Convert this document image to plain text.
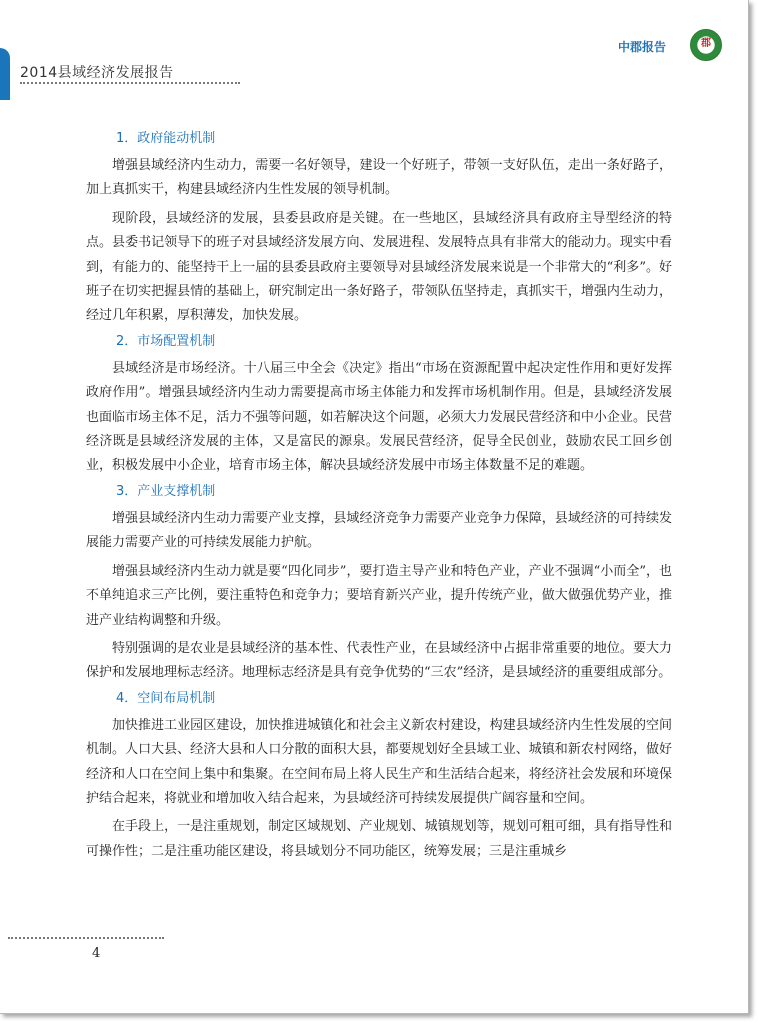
2014县域经济发展报告
中郡报告	郡
1．政府能动机制

增强县域经济内生动力，需要一名好领导，建设一个好班子，带领一支好队伍，走出一条好路子，加上真抓实干，构建县域经济内生性发展的领导机制。

现阶段，县域经济的发展，县委县政府是关键。在一些地区，县域经济具有政府主导型经济的特点。县委书记领导下的班子对县域经济发展方向、发展进程、发展特点具有非常大的能动力。现实中看到，有能力的、能坚持干上一届的县委县政府主要领导对县域经济发展来说是一个非常大的“利多”。好班子在切实把握县情的基础上，研究制定出一条好路子，带领队伍坚持走，真抓实干，增强内生动力，经过几年积累，厚积薄发，加快发展。

2．市场配置机制

县域经济是市场经济。十八届三中全会《决定》指出“市场在资源配置中起决定性作用和更好发挥政府作用”。增强县域经济内生动力需要提高市场主体能力和发挥市场机制作用。但是，县域经济发展也面临市场主体不足，活力不强等问题，如若解决这个问题，必须大力发展民营经济和中小企业。民营经济既是县域经济发展的主体，又是富民的源泉。发展民营经济，促导全民创业，鼓励农民工回乡创业，积极发展中小企业，培育市场主体，解决县域经济发展中市场主体数量不足的难题。

3．产业支撑机制

增强县域经济内生动力需要产业支撑，县域经济竞争力需要产业竞争力保障，县域经济的可持续发展能力需要产业的可持续发展能力护航。

增强县域经济内生动力就是要“四化同步”，要打造主导产业和特色产业，产业不强调“小而全”，也不单纯追求三产比例，要注重特色和竞争力；要培育新兴产业，提升传统产业，做大做强优势产业，推进产业结构调整和升级。

特别强调的是农业是县域经济的基本性、代表性产业，在县域经济中占据非常重要的地位。要大力保护和发展地理标志经济。地理标志经济是具有竞争优势的“三农”经济，是县域经济的重要组成部分。

4．空间布局机制

加快推进工业园区建设，加快推进城镇化和社会主义新农村建设，构建县域经济内生性发展的空间机制。人口大县、经济大县和人口分散的面积大县，都要规划好全县域工业、城镇和新农村网络，做好经济和人口在空间上集中和集聚。在空间布局上将人民生产和生活结合起来，将经济社会发展和环境保护结合起来，将就业和增加收入结合起来，为县域经济可持续发展提供广阔容量和空间。

在手段上，一是注重规划，制定区域规划、产业规划、城镇规划等，规划可粗可细，具有指导性和可操作性；二是注重功能区建设，将县域划分不同功能区，统筹发展；三是注重城乡

4
